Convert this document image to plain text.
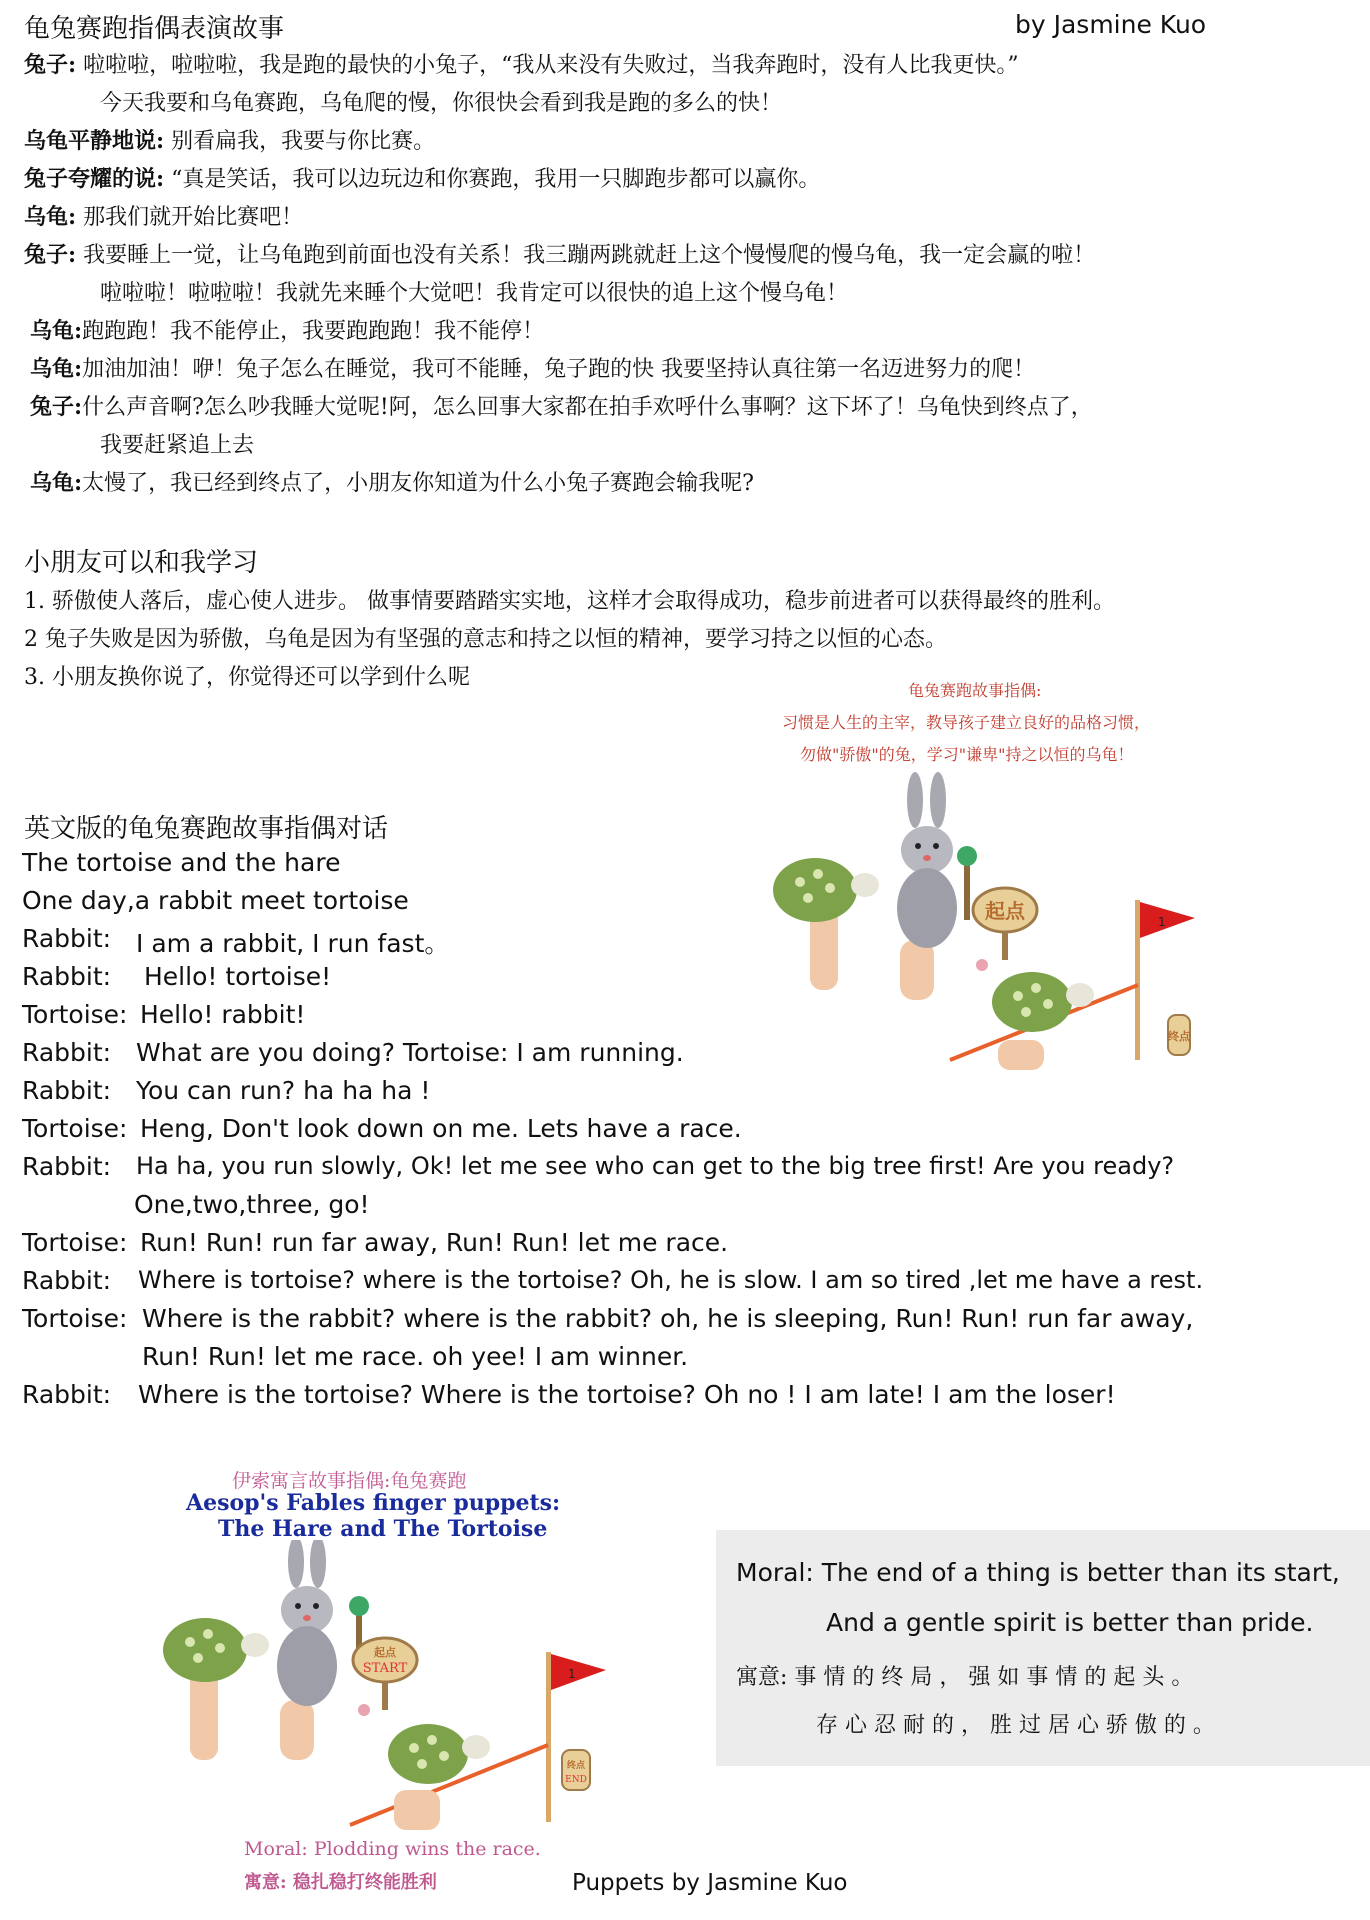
龟兔赛跑指偶表演故事	by Jasmine Kuo
兔子: 啦啦啦，啦啦啦，我是跑的最快的小兔子，“我从来没有失败过，当我奔跑时，没有人比我更快。”
今天我要和乌龟赛跑，乌龟爬的慢，你很快会看到我是跑的多么的快！
乌龟平静地说: 别看扁我，我要与你比赛。
兔子夸耀的说: “真是笑话，我可以边玩边和你赛跑，我用一只脚跑步都可以赢你。
乌龟: 那我们就开始比赛吧！
兔子: 我要睡上一觉，让乌龟跑到前面也没有关系！我三蹦两跳就赶上这个慢慢爬的慢乌龟，我一定会赢的啦！
啦啦啦！啦啦啦！我就先来睡个大觉吧！我肯定可以很快的追上这个慢乌龟！
乌龟:跑跑跑！我不能停止，我要跑跑跑！我不能停！
乌龟:加油加油！咿！兔子怎么在睡觉，我可不能睡，兔子跑的快 我要坚持认真往第一名迈进努力的爬！
兔子:什么声音啊?怎么吵我睡大觉呢!阿，怎么回事大家都在拍手欢呼什么事啊？这下坏了！乌龟快到终点了，
我要赶紧追上去
乌龟:太慢了，我已经到终点了，小朋友你知道为什么小兔子赛跑会输我呢?
小朋友可以和我学习
1. 骄傲使人落后，虚心使人进步。 做事情要踏踏实实地，这样才会取得成功，稳步前进者可以获得最终的胜利。
2 兔子失败是因为骄傲，乌龟是因为有坚强的意志和持之以恒的精神，要学习持之以恒的心态。
3. 小朋友换你说了，你觉得还可以学到什么呢
龟兔赛跑故事指偶:
习惯是人生的主宰，教导孩子建立良好的品格习惯，
勿做"骄傲"的兔，学习"谦卑"持之以恒的乌龟！
起点	1
终点
英文版的龟兔赛跑故事指偶对话
The tortoise and the hare
One day,a rabbit meet tortoise
Rabbit: I am a rabbit, I run fast。
Rabbit: Hello! tortoise!
Tortoise: Hello! rabbit!
Rabbit: What are you doing? Tortoise: I am running.
Rabbit: You can run? ha ha ha !
Tortoise: Heng, Don't look down on me. Lets have a race.
Rabbit: Ha ha, you run slowly, Ok! let me see who can get to the big tree first! Are you ready?
One,two,three, go!
Tortoise: Run! Run! run far away, Run! Run! let me race.
Rabbit: Where is tortoise? where is the tortoise? Oh, he is slow. I am so tired ,let me have a rest.
Tortoise: Where is the rabbit? where is the rabbit? oh, he is sleeping, Run! Run! run far away,
Run! Run! let me race. oh yee! I am winner.
Rabbit: Where is the tortoise? Where is the tortoise? Oh no ! I am late! I am the loser!
伊索寓言故事指偶:龟兔赛跑
Aesop's Fables finger puppets:
The Hare and The Tortoise
起点
START	1
终点
END
Moral: Plodding wins the race.
寓意: 稳扎稳打终能胜利
Moral: The end of a thing is better than its start,
And a gentle spirit is better than pride.
寓意: 事 情 的 终 局 ， 强 如 事 情 的 起 头 。
存 心 忍 耐 的 ， 胜 过 居 心 骄 傲 的 。
Puppets by Jasmine Kuo
